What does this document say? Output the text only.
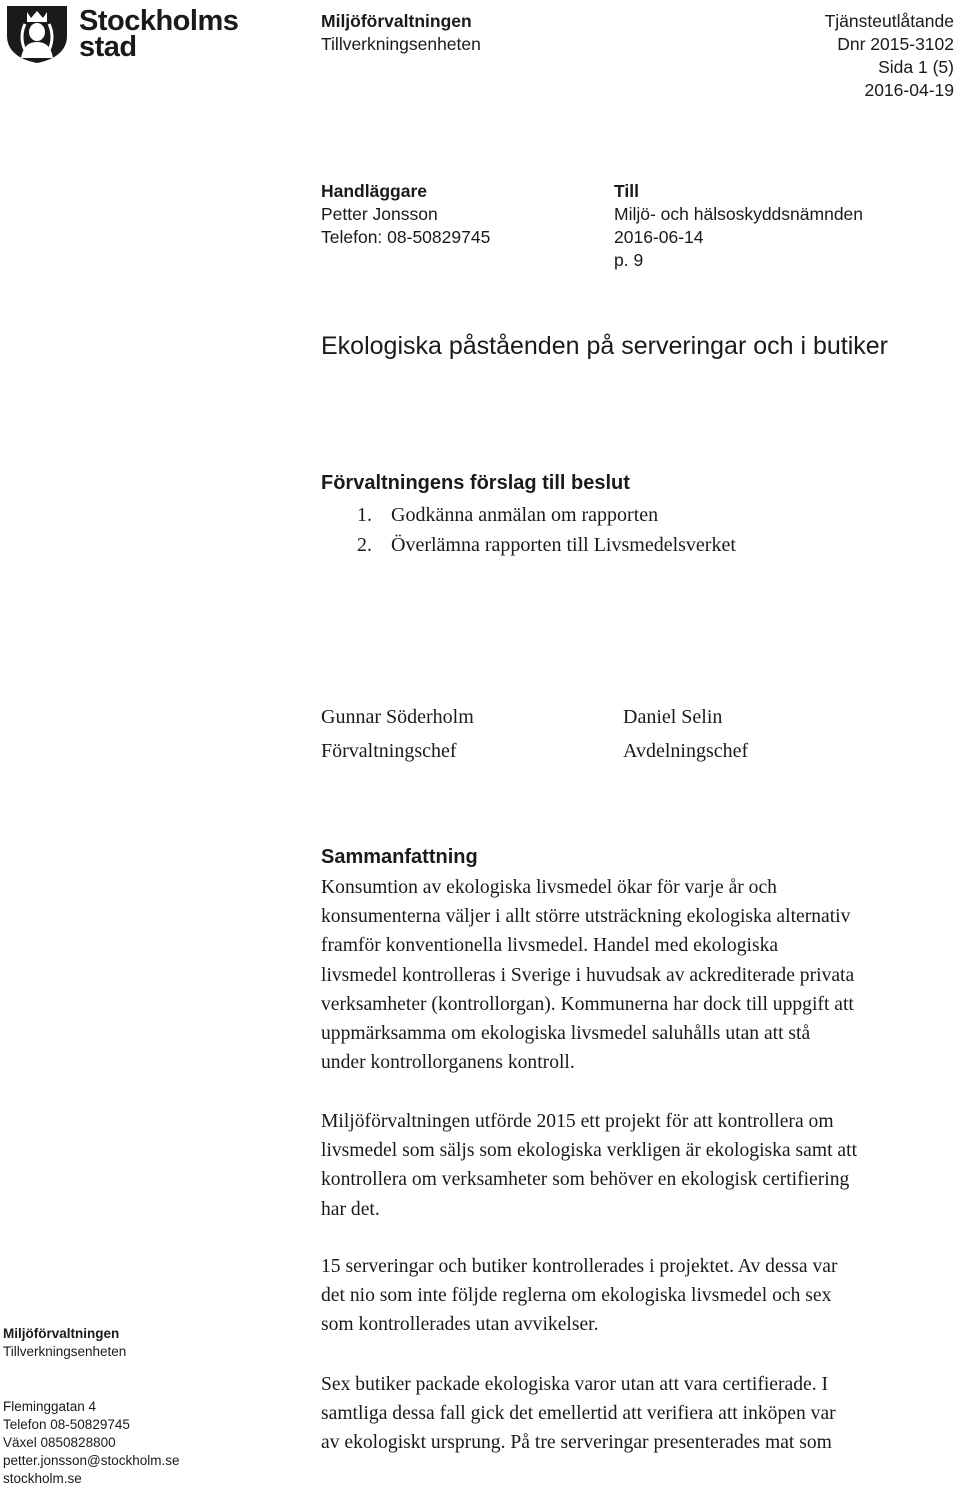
Stockholms
stad
Miljöförvaltningen
Tillverkningsenheten
Tjänsteutlåtande
Dnr 2015-3102
Sida 1 (5)
2016-04-19
Handläggare
Petter Jonsson
Telefon: 08-50829745
Till
Miljö- och hälsoskyddsnämnden
2016-06-14
p. 9
Ekologiska påståenden på serveringar och i butiker
Förvaltningens förslag till beslut
1. Godkänna anmälan om rapporten
2. Överlämna rapporten till Livsmedelsverket
Gunnar Söderholm
Förvaltningschef
Daniel Selin
Avdelningschef
Sammanfattning
Konsumtion av ekologiska livsmedel ökar för varje år och
konsumenterna väljer i allt större utsträckning ekologiska alternativ
framför konventionella livsmedel. Handel med ekologiska
livsmedel kontrolleras i Sverige i huvudsak av ackrediterade privata
verksamheter (kontrollorgan). Kommunerna har dock till uppgift att
uppmärksamma om ekologiska livsmedel saluhålls utan att stå
under kontrollorganens kontroll.
Miljöförvaltningen utförde 2015 ett projekt för att kontrollera om
livsmedel som säljs som ekologiska verkligen är ekologiska samt att
kontrollera om verksamheter som behöver en ekologisk certifiering
har det.
15 serveringar och butiker kontrollerades i projektet. Av dessa var
det nio som inte följde reglerna om ekologiska livsmedel och sex
som kontrollerades utan avvikelser.
Sex butiker packade ekologiska varor utan att vara certifierade. I
samtliga dessa fall gick det emellertid att verifiera att inköpen var
av ekologiskt ursprung. På tre serveringar presenterades mat som
Miljöförvaltningen
Tillverkningsenheten
Fleminggatan 4
Telefon 08-50829745
Växel 0850828800
petter.jonsson@stockholm.se
stockholm.se
